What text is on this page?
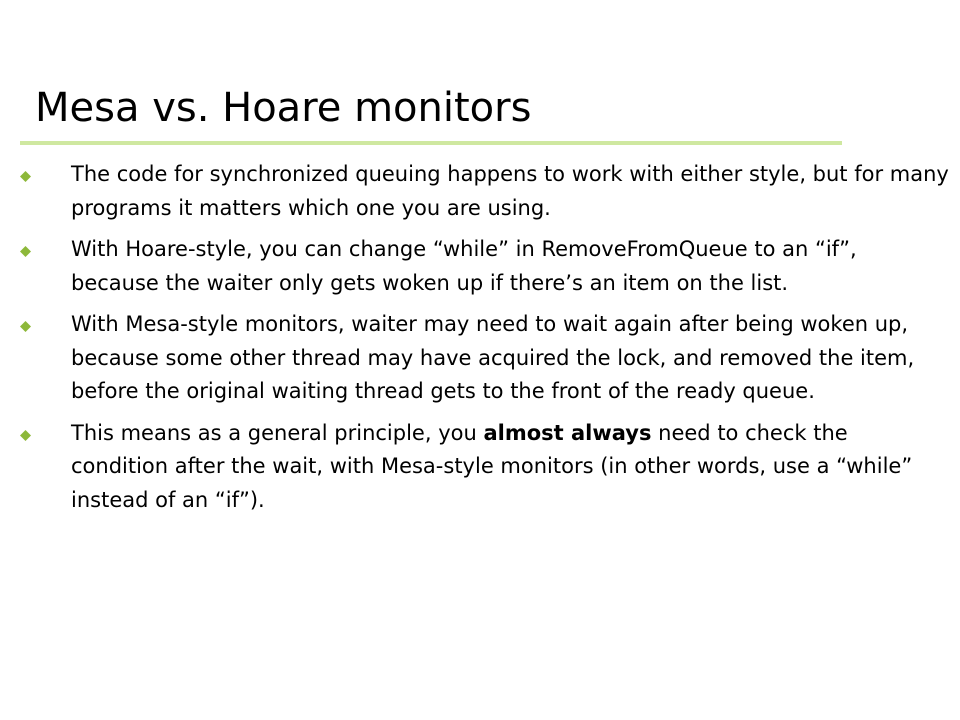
Mesa vs. Hoare monitors
The code for synchronized queuing happens to work with either style, but for many programs it matters which one you are using.
With Hoare-style, you can change “while” in RemoveFromQueue to an “if”, because the waiter only gets woken up if there’s an item on the list.
With Mesa-style monitors, waiter may need to wait again after being woken up, because some other thread may have acquired the lock, and removed the item, before the original waiting thread gets to the front of the ready queue.
This means as a general principle, you almost always need to check the condition after the wait, with Mesa-style monitors (in other words, use a “while” instead of an “if”).
